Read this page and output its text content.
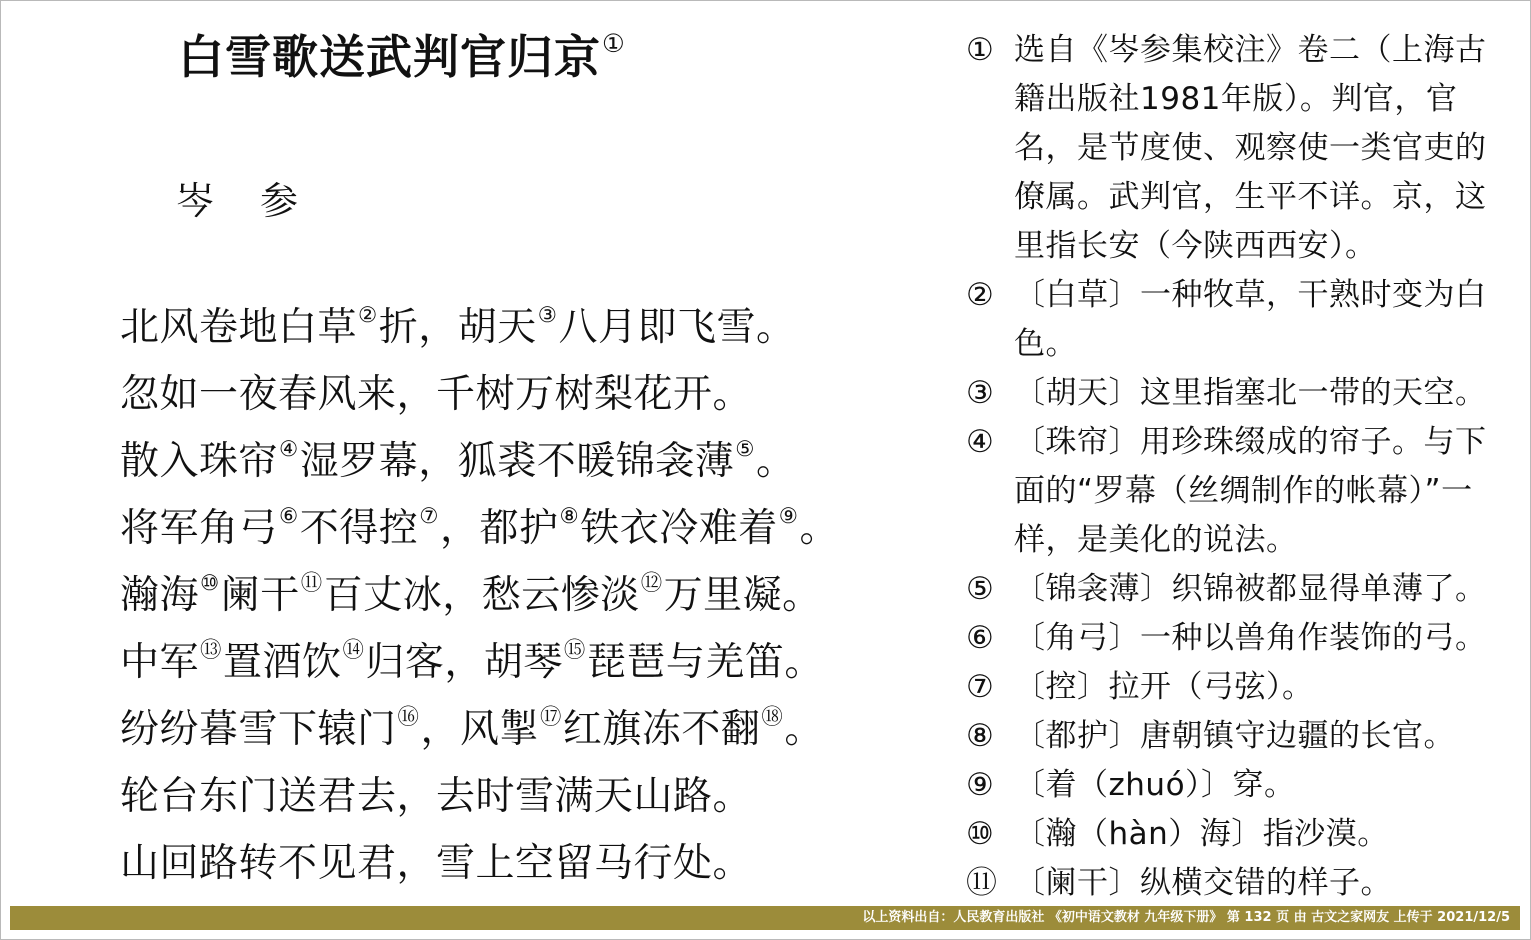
白雪歌送武判官归京①
岑参
北风卷地白草②折，胡天③八月即飞雪。
忽如一夜春风来，千树万树梨花开。
散入珠帘④湿罗幕，狐裘不暖锦衾薄⑤。
将军角弓⑥不得控⑦，都护⑧铁衣冷难着⑨。
瀚海⑩阑干⑪百丈冰，愁云惨淡⑫万里凝。
中军⑬置酒饮⑭归客，胡琴⑮琵琶与羌笛。
纷纷暮雪下辕门⑯，风掣⑰红旗冻不翻⑱。
轮台东门送君去，去时雪满天山路。
山回路转不见君，雪上空留马行处。
① 选自《岑参集校注》卷二（上海古籍出版社1981年版）。判官，官名，是节度使、观察使一类官吏的僚属。武判官，生平不详。京，这里指长安（今陕西西安）。
② 〔白草〕一种牧草，干熟时变为白色。
③ 〔胡天〕这里指塞北一带的天空。
④ 〔珠帘〕用珍珠缀成的帘子。与下面的“罗幕（丝绸制作的帐幕）”一样，是美化的说法。
⑤ 〔锦衾薄〕织锦被都显得单薄了。
⑥ 〔角弓〕一种以兽角作装饰的弓。
⑦ 〔控〕拉开（弓弦）。
⑧ 〔都护〕唐朝镇守边疆的长官。
⑨ 〔着（zhuó）〕穿。
⑩ 〔瀚（hàn）海〕指沙漠。
⑪ 〔阑干〕纵横交错的样子。
以上资料出自：人民教育出版社 《初中语文教材 九年级下册》 第 132 页 由 古文之家网友 上传于 2021/12/5
